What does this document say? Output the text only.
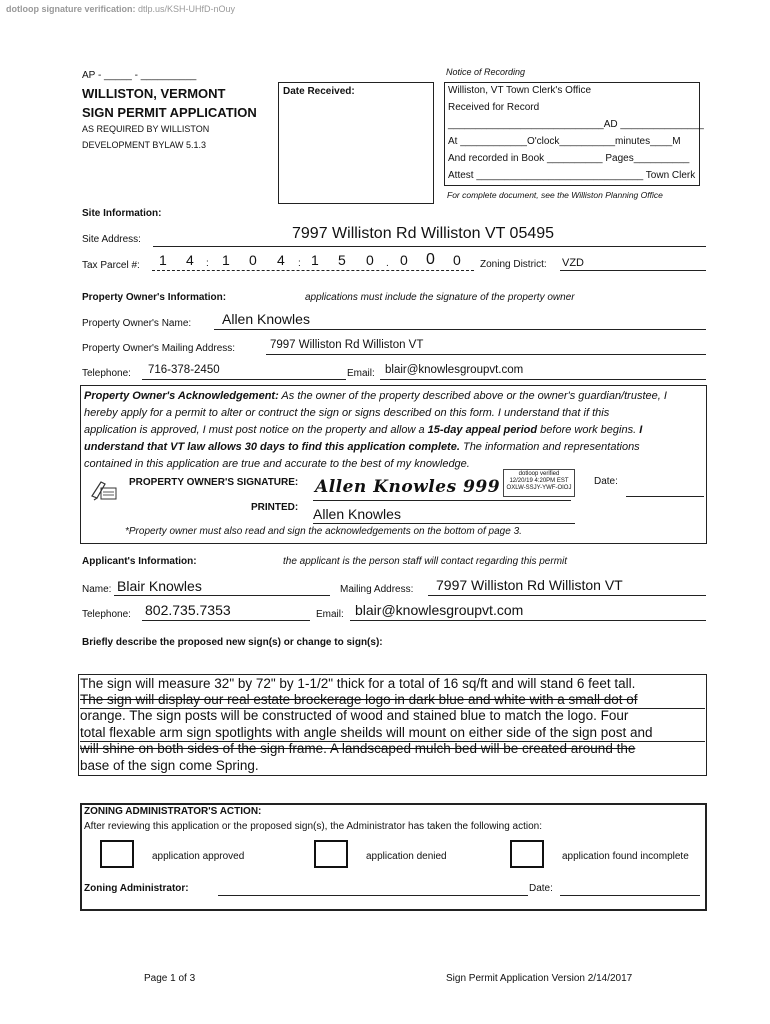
dotloop signature verification: dtlp.us/KSH-UHfD-nOuy
AP - _____ - __________
WILLISTON, VERMONT
SIGN PERMIT APPLICATION
AS REQUIRED BY WILLISTON
DEVELOPMENT BYLAW 5.1.3
Date Received:
Notice of Recording
Williston, VT Town Clerk's Office
Received for Record
____________________________AD _______________
At ____________O'clock__________minutes____M
And recorded in Book __________ Pages__________
Attest ______________________________ Town Clerk
For complete document, see the Williston Planning Office
Site Information:
Site Address:	7997 Williston Rd Williston VT 05495
Tax Parcel #: 1 4 : 1 0 4 : 1 5 0 . 0 0 0 Zoning District: VZD
Property Owner's Information:	applications must include the signature of the property owner
Property Owner's Name: Allen Knowles
Property Owner's Mailing Address:	7997 Williston Rd Williston VT
Telephone: 716-378-2450	Email: blair@knowlesgroupvt.com
Property Owner's Acknowledgement: As the owner of the property described above or the owner's guardian/trustee, I
hereby apply for a permit to alter or contruct the sign or signs described on this form. I understand that if this
application is approved, I must post notice on the property and allow a 15-day appeal period before work begins. I
understand that VT law allows 30 days to find this application complete. The information and representations
contained in this application are true and accurate to the best of my knowledge.
PROPERTY OWNER'S SIGNATURE: Allen Knowles 999
dotloop verified
12/20/19 4:20PM EST
OXLW-SSJY-YWF-OIOJ
Date:
PRINTED: Allen Knowles
*Property owner must also read and sign the acknowledgements on the bottom of page 3.
Applicant's Information:	the applicant is the person staff will contact regarding this permit
Name: Blair Knowles	Mailing Address: 7997 Williston Rd Williston VT
Telephone: 802.735.7353	Email: blair@knowlesgroupvt.com
Briefly describe the proposed new sign(s) or change to sign(s):
The sign will measure 32" by 72" by 1-1/2" thick for a total of 16 sq/ft and will stand 6 feet tall.
The sign will display our real estate brockerage logo in dark blue and white with a small dot of
orange. The sign posts will be constructed of wood and stained blue to match the logo. Four
total flexable arm sign spotlights with angle sheilds will mount on either side of the sign post and
will shine on both sides of the sign frame. A landscaped mulch bed will be created around the
base of the sign come Spring.
ZONING ADMINISTRATOR'S ACTION:
After reviewing this application or the proposed sign(s), the Administrator has taken the following action:
application approved	application denied	application found incomplete
Zoning Administrator:	Date:
Page 1 of 3	Sign Permit Application Version 2/14/2017
